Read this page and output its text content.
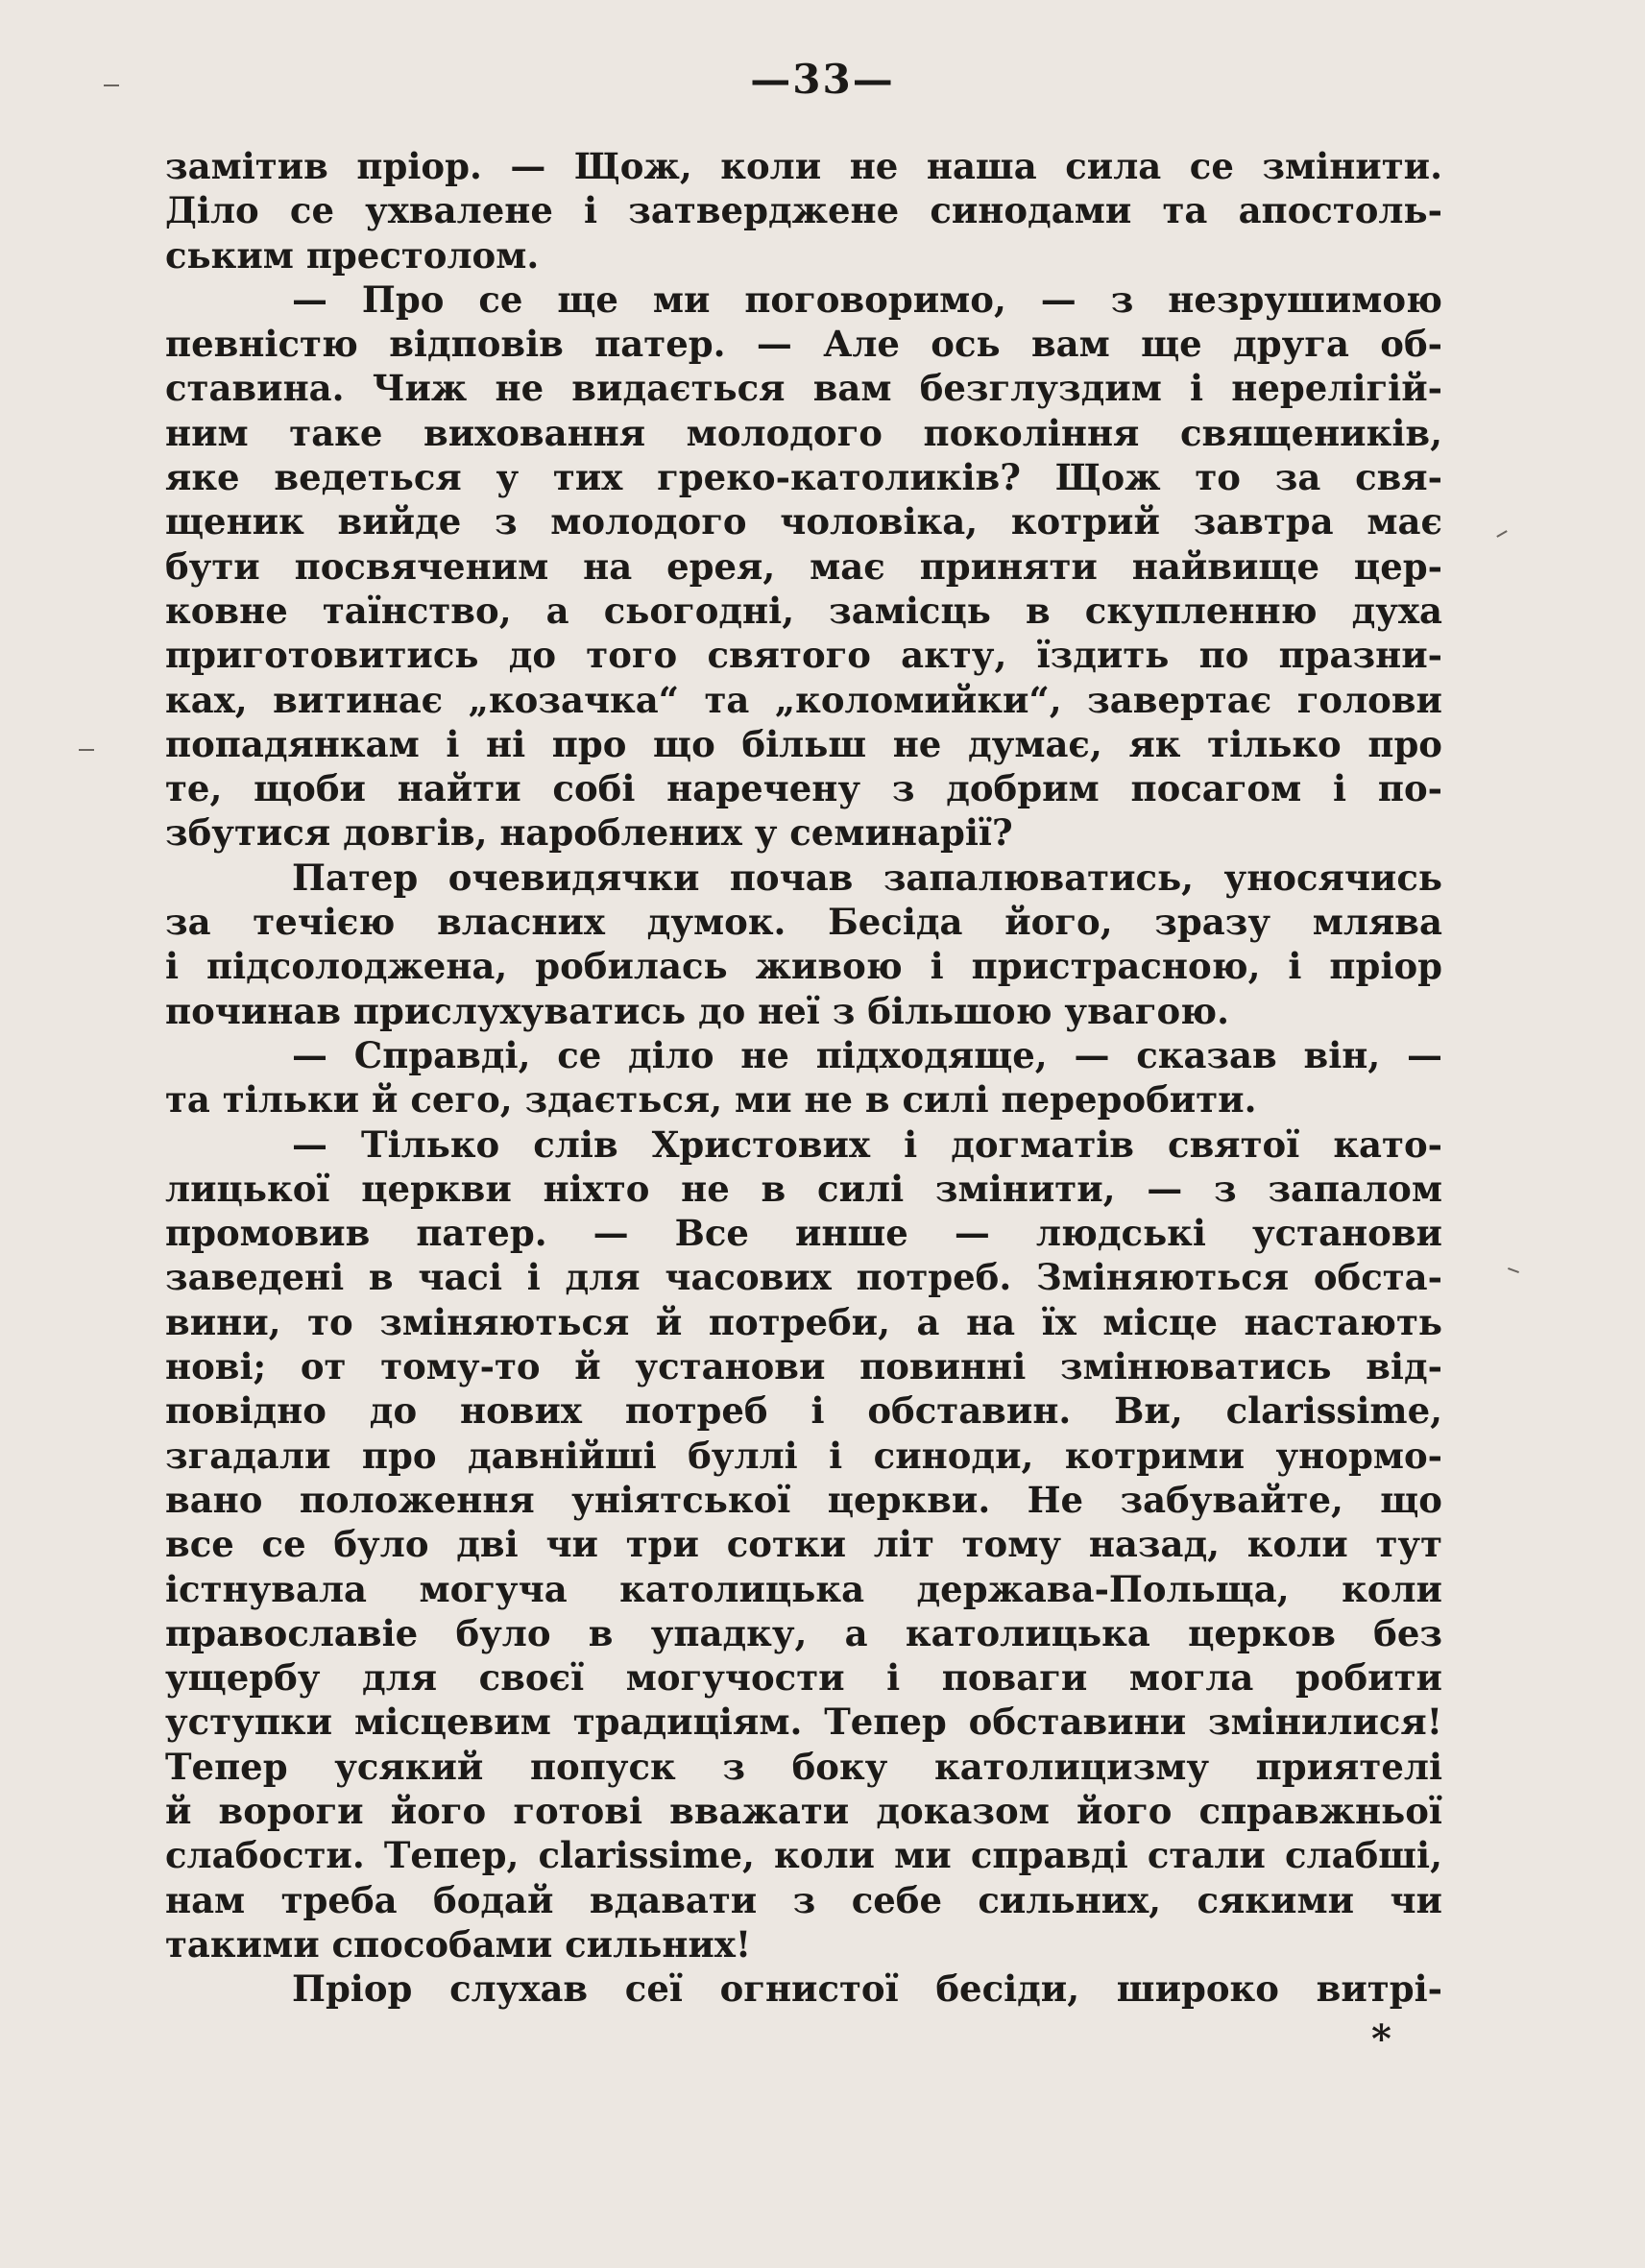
—33—
замітив пріор. — Щож, коли не наша сила се змінити.
Діло се ухвалене і затверджене синодами та апостоль-
ським престолом.
— Про се ще ми поговоримо, — з незрушимою
певністю відповів патер. — Але ось вам ще друга об-
ставина. Чиж не видається вам безглуздим і нерелігій-
ним таке виховання молодого покоління священиків,
яке ведеться у тих греко-католиків? Щож то за свя-
щеник вийде з молодого чоловіка, котрий завтра має
бути посвяченим на ерея, має приняти найвище цер-
ковне таїнство, а сьогодні, замісць в скупленню духа
приготовитись до того святого акту, їздить по празни-
ках, витинає „козачка“ та „коломийки“, завертає голови
попадянкам і ні про що більш не думає, як тілько про
те, щоби найти собі наречену з добрим посагом і по-
збутися довгів, нароблених у семинарії?
Патер очевидячки почав запалюватись, уносячись
за течією власних думок. Бесіда його, зразу млява
і підсолоджена, робилась живою і пристрасною, і пріор
починав прислухуватись до неї з більшою увагою.
— Справді, се діло не підходяще, — сказав він, —
та тільки й сего, здається, ми не в силі переробити.
— Тілько слів Христових і догматів святої като-
лицької церкви ніхто не в силі змінити, — з запалом
промовив патер. — Все инше — людські установи
заведені в часі і для часових потреб. Зміняються обста-
вини, то зміняються й потреби, а на їх місце настають
нові; от тому-то й установи повинні змінюватись від-
повідно до нових потреб і обставин. Ви, clarissime,
згадали про давнійші буллі і синоди, котрими унормо-
вано положення уніятської церкви. Не забувайте, що
все се було дві чи три сотки літ тому назад, коли тут
істнувала могуча католицька держава-Польща, коли
православіе було в упадку, а католицька церков без
ущербу для своєї могучости і поваги могла робити
уступки місцевим традиціям. Тепер обставини змінилися!
Тепер усякий попуск з боку католицизму приятелі
й вороги його готові вважати доказом його справжньої
слабости. Тепер, clarissime, коли ми справді стали слабші,
нам треба бодай вдавати з себе сильних, сякими чи
такими способами сильних!
Пріор слухав сеї огнистої бесіди, широко витрі-
*
